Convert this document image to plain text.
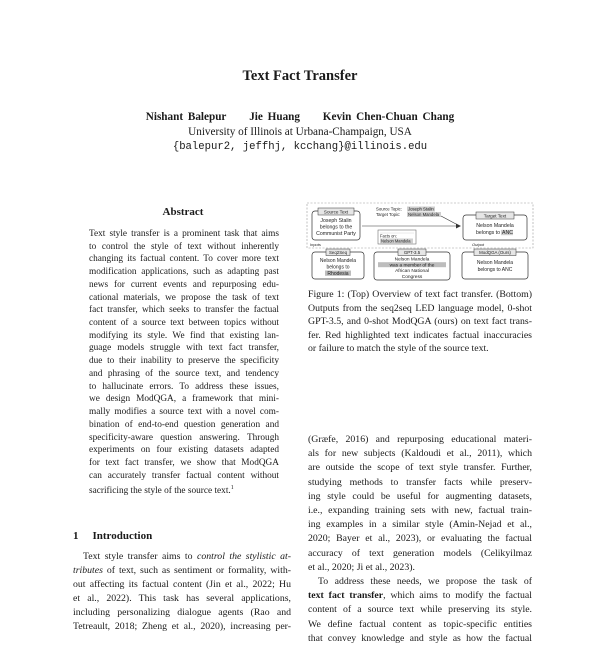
Text Fact Transfer
Nishant Balepur Jie Huang Kevin Chen-Chuan Chang
University of Illinois at Urbana-Champaign, USA
{balepur2, jeffhj, kcchang}@illinois.edu
Abstract
Text style transfer is a prominent task that aims
to control the style of text without inherently
changing its factual content. To cover more text
modification applications, such as adapting past
news for current events and repurposing edu-
cational materials, we propose the task of text
fact transfer, which seeks to transfer the factual
content of a source text between topics without
modifying its style. We find that existing lan-
guage models struggle with text fact transfer,
due to their inability to preserve the specificity
and phrasing of the source text, and tendency
to hallucinate errors. To address these issues,
we design ModQGA, a framework that mini-
mally modifies a source text with a novel com-
bination of end-to-end question generation and
specificity-aware question answering. Through
experiments on four existing datasets adapted
for text fact transfer, we show that ModQGA
can accurately transfer factual content without
sacrificing the style of the source text.$^1$
1 Introduction
Text style transfer aims to control the stylistic at-
tributes of text, such as sentiment or formality, with-
out affecting its factual content (Jin et al., 2022; Hu
et al., 2022). This task has several applications,
including personalizing dialogue agents (Rao and
Tetreault, 2018; Zheng et al., 2020), increasing per-
Source Text
Joseph Stalin
belongs to the
Communist Party
Source Topic: Joseph Stalin
Target Topic: Nelson Mandela
Facts on:
Nelson Mandela
Target Text
Nelson Mandela
belongs to ANC
Inputs	Output
Seq2Seq
Nelson Mandela
belongs to
Rhodesia
GPT-3.5
Nelson Mandela
was a member of the
African National
Congress
ModQGA (Ours)
Nelson Mandela
belongs to ANC
Figure 1: (Top) Overview of text fact transfer. (Bottom)
Outputs from the seq2seq LED language model, 0-shot
GPT-3.5, and 0-shot ModQGA (ours) on text fact trans-
fer. Red highlighted text indicates factual inaccuracies
or failure to match the style of the source text.
(Græfe, 2016) and repurposing educational materi-
als for new subjects (Kaldoudi et al., 2011), which
are outside the scope of text style transfer. Further,
studying methods to transfer facts while preserv-
ing style could be useful for augmenting datasets,
i.e., expanding training sets with new, factual train-
ing examples in a similar style (Amin-Nejad et al.,
2020; Bayer et al., 2023), or evaluating the factual
accuracy of text generation models (Celikyilmaz
et al., 2020; Ji et al., 2023).
To address these needs, we propose the task of
text fact transfer, which aims to modify the factual
content of a source text while preserving its style.
We define factual content as topic-specific entities
that convey knowledge and style as how the factual
